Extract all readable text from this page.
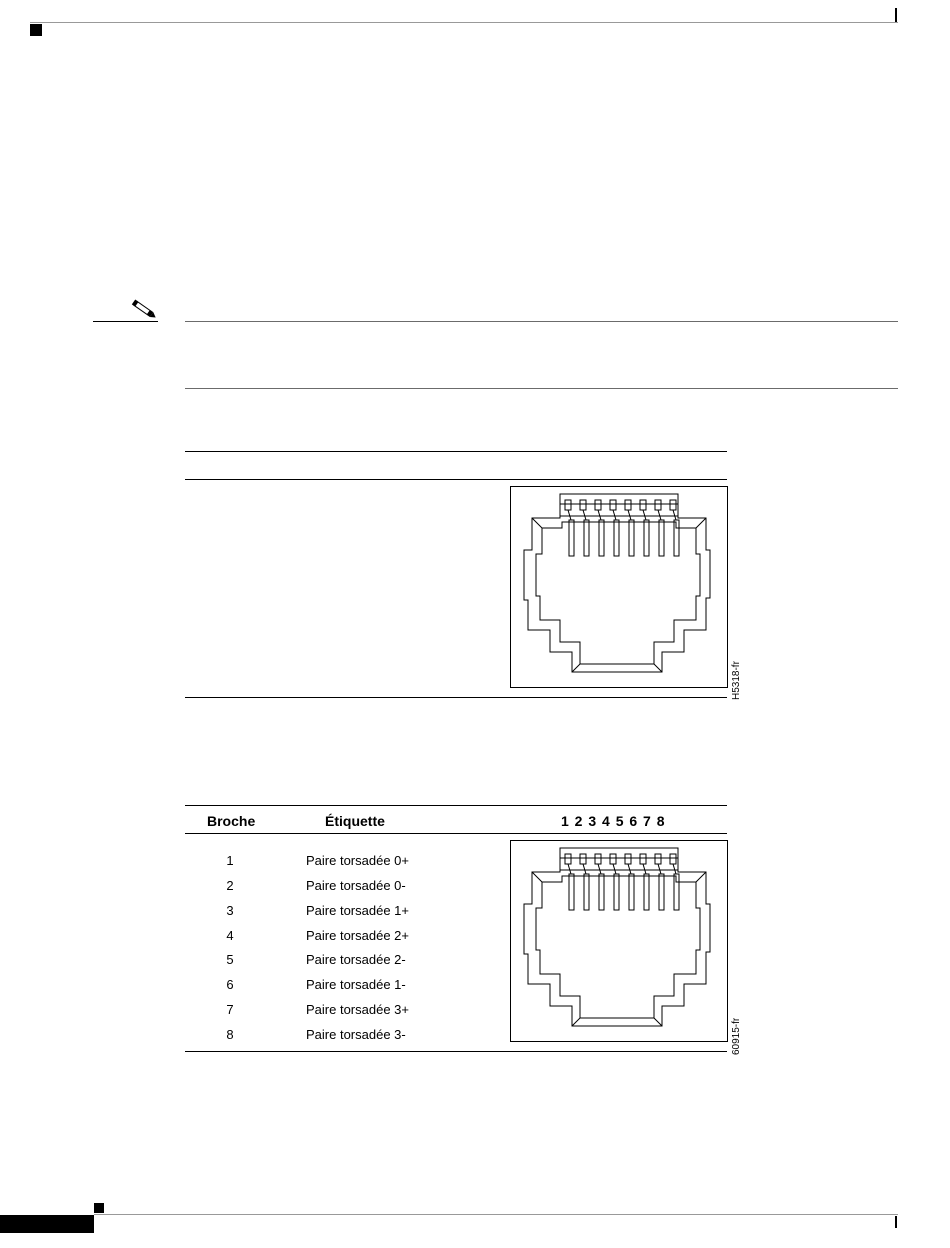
H5318-fr
Broche	Étiquette	1 2 3 4 5 6 7 8
1	Paire torsadée 0+
2	Paire torsadée 0-
3	Paire torsadée 1+
4	Paire torsadée 2+
5	Paire torsadée 2-
6	Paire torsadée 1-
7	Paire torsadée 3+
8	Paire torsadée 3-	60915-fr
